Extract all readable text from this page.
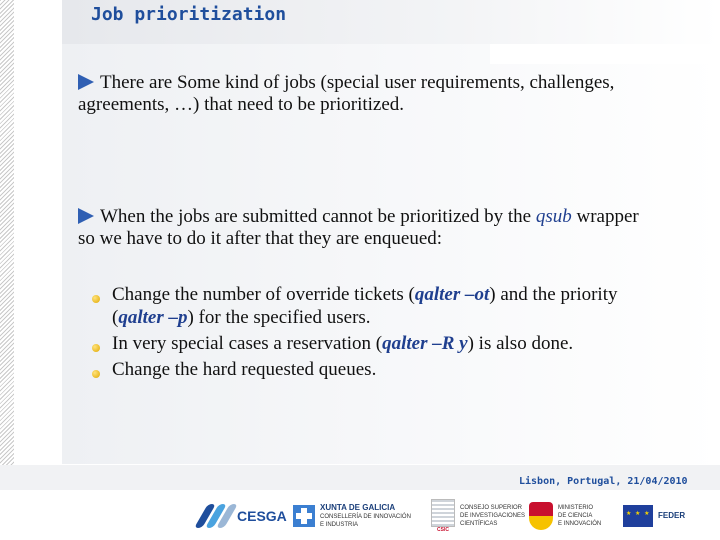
Job prioritization

There are Some kind of jobs (special user requirements, challenges, agreements, …) that need to be prioritized.

When the jobs are submitted cannot be prioritized by the qsub wrapper so we have to do it after that they are enqueued:

Change the number of override tickets (qalter –ot) and the priority (qalter –p) for the specified users.
In very special cases a reservation (qalter –R y) is also done.
Change the hard requested queues.
Lisbon, Portugal, 21/04/2010
CESGA
XUNTA DE GALICIA
CONSELLERÍA DE INNOVACIÓN
E INDUSTRIA
CSIC
CONSEJO SUPERIOR
DE INVESTIGACIONES
CIENTÍFICAS
MINISTERIO
DE CIENCIA
E INNOVACIÓN
★ ★ ★
FEDER
